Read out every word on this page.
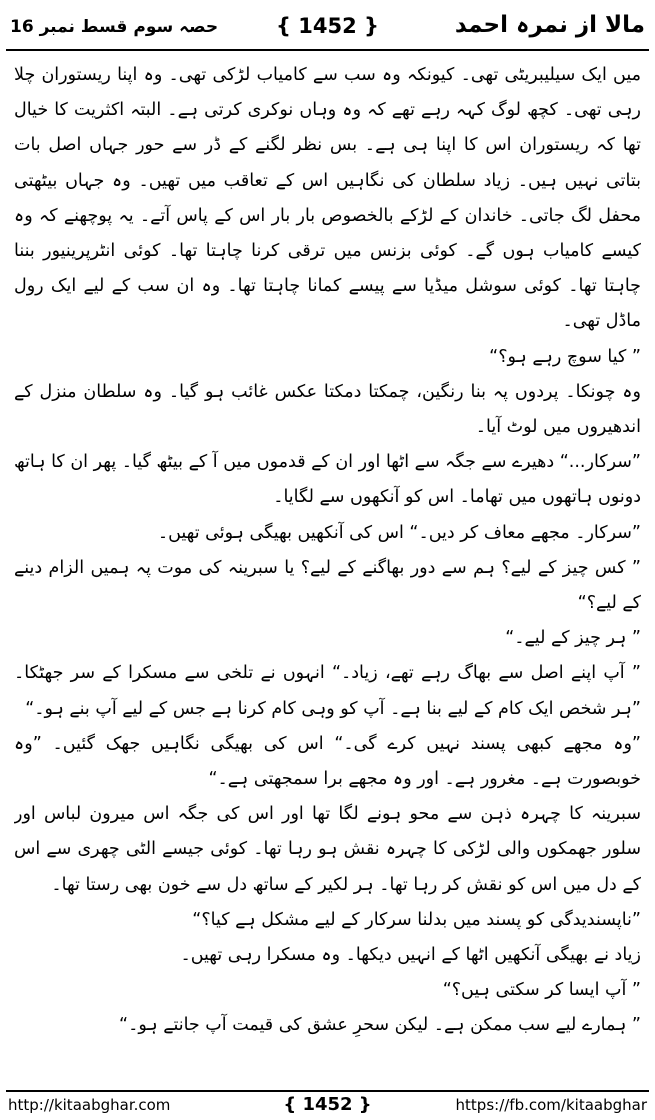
مالا از نمرہ احمد
{ 1452 }
حصہ سوم قسط نمبر 16

میں ایک سیلیبریٹی تھی۔ کیونکہ وہ سب سے کامیاب لڑکی تھی۔ وہ اپنا ریستوران چلا رہی تھی۔ کچھ لوگ کہہ رہے تھے کہ وہ وہاں نوکری کرتی ہے۔ البتہ اکثریت کا خیال تھا کہ ریستوران اس کا اپنا ہی ہے۔ بس نظر لگنے کے ڈر سے حور جہاں اصل بات بتاتی نہیں ہیں۔ زیاد سلطان کی نگاہیں اس کے تعاقب میں تھیں۔ وہ جہاں بیٹھتی محفل لگ جاتی۔ خاندان کے لڑکے بالخصوص بار بار اس کے پاس آتے۔ یہ پوچھنے کہ وہ کیسے کامیاب ہوں گے۔ کوئی بزنس میں ترقی کرنا چاہتا تھا۔ کوئی انٹرپرینیور بننا چاہتا تھا۔ کوئی سوشل میڈیا سے پیسے کمانا چاہتا تھا۔ وہ ان سب کے لیے ایک رول ماڈل تھی۔

” کیا سوچ رہے ہو؟“

وہ چونکا۔ پردوں پہ بنا رنگین، چمکتا دمکتا عکس غائب ہو گیا۔ وہ سلطان منزل کے اندھیروں میں لوٹ آیا۔

”سرکار...“ دھیرے سے جگہ سے اٹھا اور ان کے قدموں میں آ کے بیٹھ گیا۔ پھر ان کا ہاتھ دونوں ہاتھوں میں تھاما۔ اس کو آنکھوں سے لگایا۔

”سرکار۔ مجھے معاف کر دیں۔“ اس کی آنکھیں بھیگی ہوئی تھیں۔

” کس چیز کے لیے؟ ہم سے دور بھاگنے کے لیے؟ یا سبرینہ کی موت پہ ہمیں الزام دینے کے لیے؟“

” ہر چیز کے لیے۔“

” آپ اپنے اصل سے بھاگ رہے تھے، زیاد۔“ انہوں نے تلخی سے مسکرا کے سر جھٹکا۔ ”ہر شخص ایک کام کے لیے بنا ہے۔ آپ کو وہی کام کرنا ہے جس کے لیے آپ بنے ہو۔“

”وہ مجھے کبھی پسند نہیں کرے گی۔“ اس کی بھیگی نگاہیں جھک گئیں۔ ”وہ خوبصورت ہے۔ مغرور ہے۔ اور وہ مجھے برا سمجھتی ہے۔“

سبرینہ کا چہرہ ذہن سے محو ہونے لگا تھا اور اس کی جگہ اس میرون لباس اور سلور جھمکوں والی لڑکی کا چہرہ نقش ہو رہا تھا۔ کوئی جیسے الٹی چھری سے اس کے دل میں اس کو نقش کر رہا تھا۔ ہر لکیر کے ساتھ دل سے خون بھی رستا تھا۔

”ناپسندیدگی کو پسند میں بدلنا سرکار کے لیے مشکل ہے کیا؟“

زیاد نے بھیگی آنکھیں اٹھا کے انہیں دیکھا۔ وہ مسکرا رہی تھیں۔

” آپ ایسا کر سکتی ہیں؟“

” ہمارے لیے سب ممکن ہے۔ لیکن سحرِ عشق کی قیمت آپ جانتے ہو۔“

http://kitaabghar.com	{ 1452 }	https://fb.com/kitaabghar
